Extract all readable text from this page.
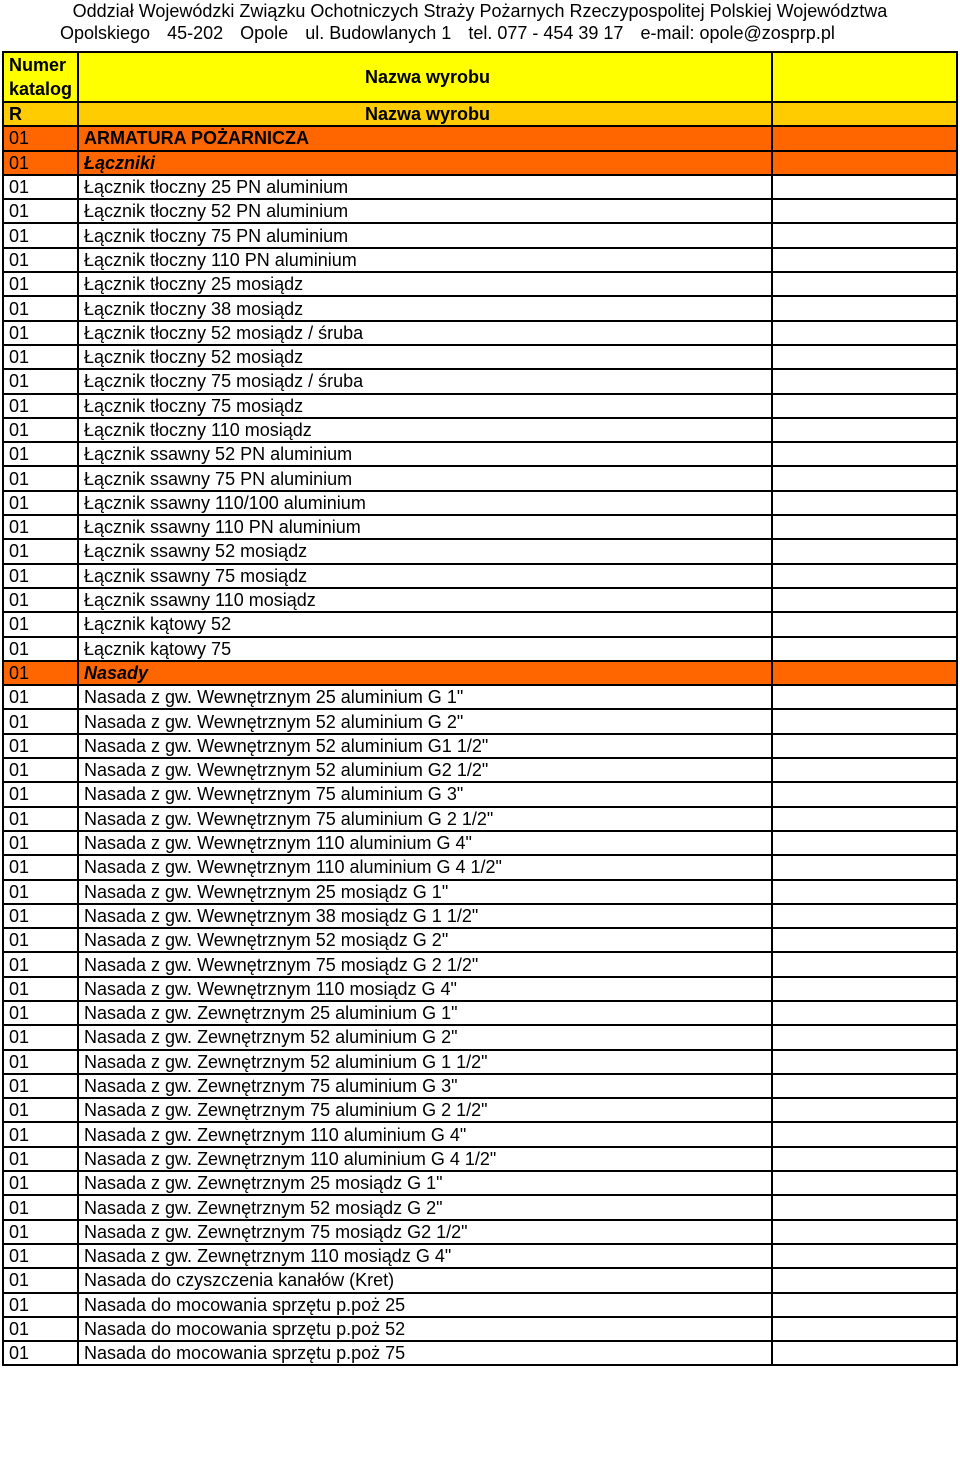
Oddział Wojewódzki Związku Ochotniczych Straży Pożarnych Rzeczypospolitej Polskiej Województwa
Opolskiego 45-202 Opole ul. Budowlanych 1 tel. 077 - 454 39 17 e-mail: opole@zosprp.pl
Numer katalog	Nazwa wyrobu	
R	Nazwa wyrobu	
01	ARMATURA POŻARNICZA	
01	Łączniki	
01	Łącznik tłoczny 25 PN aluminium	
01	Łącznik tłoczny 52 PN aluminium	
01	Łącznik tłoczny 75 PN aluminium	
01	Łącznik tłoczny 110 PN aluminium	
01	Łącznik tłoczny 25 mosiądz	
01	Łącznik tłoczny 38 mosiądz	
01	Łącznik tłoczny 52 mosiądz / śruba	
01	Łącznik tłoczny 52 mosiądz	
01	Łącznik tłoczny 75 mosiądz / śruba	
01	Łącznik tłoczny 75 mosiądz	
01	Łącznik tłoczny 110 mosiądz	
01	Łącznik ssawny 52 PN aluminium	
01	Łącznik ssawny 75 PN aluminium	
01	Łącznik ssawny 110/100 aluminium	
01	Łącznik ssawny 110 PN aluminium	
01	Łącznik ssawny 52 mosiądz	
01	Łącznik ssawny 75 mosiądz	
01	Łącznik ssawny 110 mosiądz	
01	Łącznik kątowy 52	
01	Łącznik kątowy 75	
01	Nasady	
01	Nasada z gw. Wewnętrznym 25 aluminium G 1"	
01	Nasada z gw. Wewnętrznym 52 aluminium G 2"	
01	Nasada z gw. Wewnętrznym 52 aluminium G1 1/2"	
01	Nasada z gw. Wewnętrznym 52 aluminium G2 1/2"	
01	Nasada z gw. Wewnętrznym 75 aluminium G 3"	
01	Nasada z gw. Wewnętrznym 75 aluminium G 2 1/2"	
01	Nasada z gw. Wewnętrznym 110 aluminium G 4"	
01	Nasada z gw. Wewnętrznym 110 aluminium G 4 1/2"	
01	Nasada z gw. Wewnętrznym 25 mosiądz G 1"	
01	Nasada z gw. Wewnętrznym 38 mosiądz G 1 1/2"	
01	Nasada z gw. Wewnętrznym 52 mosiądz G 2"	
01	Nasada z gw. Wewnętrznym 75 mosiądz G 2 1/2"	
01	Nasada z gw. Wewnętrznym 110 mosiądz G 4"	
01	Nasada z gw. Zewnętrznym 25 aluminium G 1"	
01	Nasada z gw. Zewnętrznym 52 aluminium G 2"	
01	Nasada z gw. Zewnętrznym 52 aluminium G 1 1/2"	
01	Nasada z gw. Zewnętrznym 75 aluminium G 3"	
01	Nasada z gw. Zewnętrznym 75 aluminium G 2 1/2"	
01	Nasada z gw. Zewnętrznym 110 aluminium G 4"	
01	Nasada z gw. Zewnętrznym 110 aluminium G 4 1/2"	
01	Nasada z gw. Zewnętrznym 25 mosiądz G 1"	
01	Nasada z gw. Zewnętrznym 52 mosiądz G 2"	
01	Nasada z gw. Zewnętrznym 75 mosiądz G2 1/2"	
01	Nasada z gw. Zewnętrznym 110 mosiądz G 4"	
01	Nasada do czyszczenia kanałów (Kret)	
01	Nasada do mocowania sprzętu p.poż 25	
01	Nasada do mocowania sprzętu p.poż 52	
01	Nasada do mocowania sprzętu p.poż 75	
